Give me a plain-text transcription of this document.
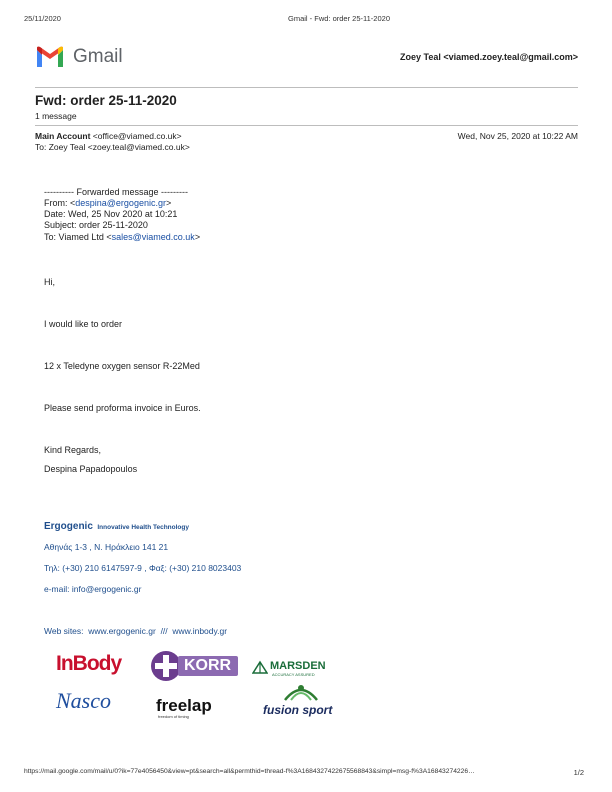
25/11/2020	Gmail - Fwd: order 25-11-2020
Gmail	Zoey Teal <viamed.zoey.teal@gmail.com>
Fwd: order 25-11-2020
1 message
Main Account <office@viamed.co.uk>	Wed, Nov 25, 2020 at 10:22 AM
To: Zoey Teal <zoey.teal@viamed.co.uk>
---------- Forwarded message ---------
From: <despina@ergogenic.gr>
Date: Wed, 25 Nov 2020 at 10:21
Subject: order 25-11-2020
To: Viamed Ltd <sales@viamed.co.uk>
Hi,
I would like to order
12 x Teledyne oxygen sensor R-22Med
Please send proforma invoice in Euros.
Kind Regards,
Despina Papadopoulos
Ergogenic Innovative Health Technology
Αθηνάς 1-3 , Ν. Ηράκλειο 141 21
Τηλ: (+30) 210 6147597-9 , Φαξ: (+30) 210 8023403
e-mail: info@ergogenic.gr
Web sites: www.ergogenic.gr /// www.inbody.gr
InBody	KORR	MARSDEN
ACCURACY ASSURED
Nasco	freelap
freedom of timing	fusion sport
https://mail.google.com/mail/u/0?ik=77e4056450&view=pt&search=all&permthid=thread-f%3A1684327422675568843&simpl=msg-f%3A16843274226…	1/2
